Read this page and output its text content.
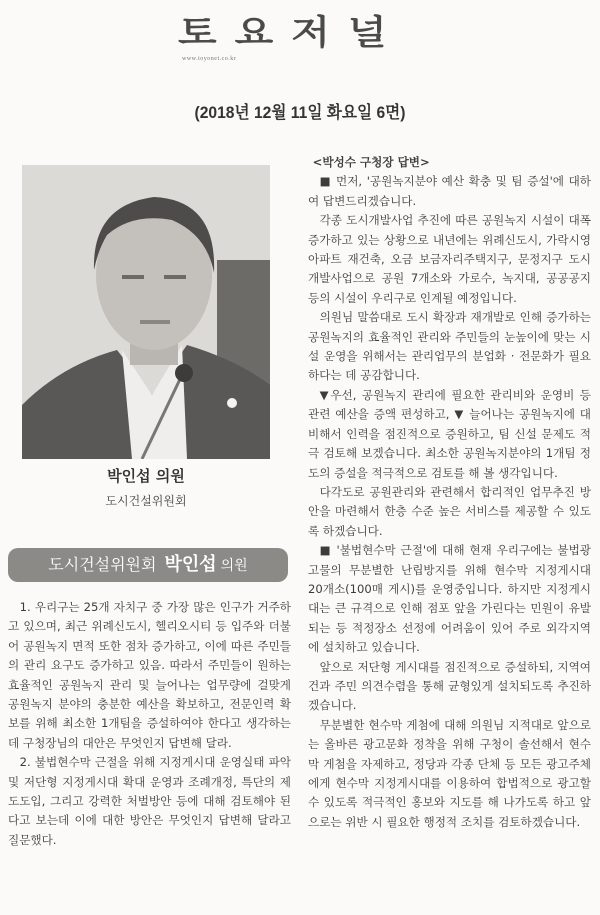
토요저널
www.toyonet.co.kr
(2018년 12월 11일 화요일 6면)
박인섭 의원
도시건설위원회
도시건설위원회 박인섭 의원

1. 우리구는 25개 자치구 중 가장 많은 인구가 거주하고 있으며, 최근 위례신도시, 헬리오시티 등 입주와 더불어 공원녹지 면적 또한 점차 증가하고, 이에 따른 주민들의 관리 요구도 증가하고 있음. 따라서 주민들이 원하는 효율적인 공원녹지 관리 및 늘어나는 업무량에 걸맞게 공원녹지 분야의 충분한 예산을 확보하고, 전문인력 확보를 위해 최소한 1개팀을 증설하여야 한다고 생각하는데 구청장님의 대안은 무엇인지 답변해 달라.

2. 불법현수막 근절을 위해 지정게시대 운영실태 파악 및 저단형 지정게시대 확대 운영과 조례개정, 특단의 제도도입, 그리고 강력한 처벌방안 등에 대해 검토해야 된다고 보는데 이에 대한 방안은 무엇인지 답변해 달라고 질문했다.

<박성수 구청장 답변>

■ 먼저, '공원녹지분야 예산 확충 및 팀 증설'에 대하여 답변드리겠습니다.

각종 도시개발사업 추진에 따른 공원녹지 시설이 대폭 증가하고 있는 상황으로 내년에는 위례신도시, 가락시영 아파트 재건축, 오금 보금자리주택지구, 문정지구 도시개발사업으로 공원 7개소와 가로수, 녹지대, 공공공지 등의 시설이 우리구로 인계될 예정입니다.

의원님 말씀대로 도시 확장과 재개발로 인해 증가하는 공원녹지의 효율적인 관리와 주민들의 눈높이에 맞는 시설 운영을 위해서는 관리업무의 분업화 · 전문화가 필요하다는 데 공감합니다.

▼우선, 공원녹지 관리에 필요한 관리비와 운영비 등 관련 예산을 증액 편성하고, ▼ 늘어나는 공원녹지에 대비해서 인력을 점진적으로 증원하고, 팀 신설 문제도 적극 검토해 보겠습니다. 최소한 공원녹지분야의 1개팀 정도의 증설을 적극적으로 검토를 해 볼 생각입니다.

다각도로 공원관리와 관련해서 합리적인 업무추진 방안을 마련해서 한층 수준 높은 서비스를 제공할 수 있도록 하겠습니다.

■ '불법현수막 근절'에 대해 현재 우리구에는 불법광고물의 무분별한 난립방지를 위해 현수막 지정게시대 20개소(100매 게시)를 운영중입니다. 하지만 지정게시대는 큰 규격으로 인해 점포 앞을 가린다는 민원이 유발되는 등 적정장소 선정에 어려움이 있어 주로 외각지역에 설치하고 있습니다.

앞으로 저단형 게시대를 점진적으로 증설하되, 지역여건과 주민 의견수렴을 통해 균형있게 설치되도록 추진하겠습니다.

무분별한 현수막 게첨에 대해 의원님 지적대로 앞으로는 올바른 광고문화 정착을 위해 구청이 솔선해서 현수막 게첨을 자제하고, 정당과 각종 단체 등 모든 광고주체에게 현수막 지정게시대를 이용하여 합법적으로 광고할 수 있도록 적극적인 홍보와 지도를 해 나가도록 하고 앞으로는 위반 시 필요한 행정적 조치를 검토하겠습니다.
